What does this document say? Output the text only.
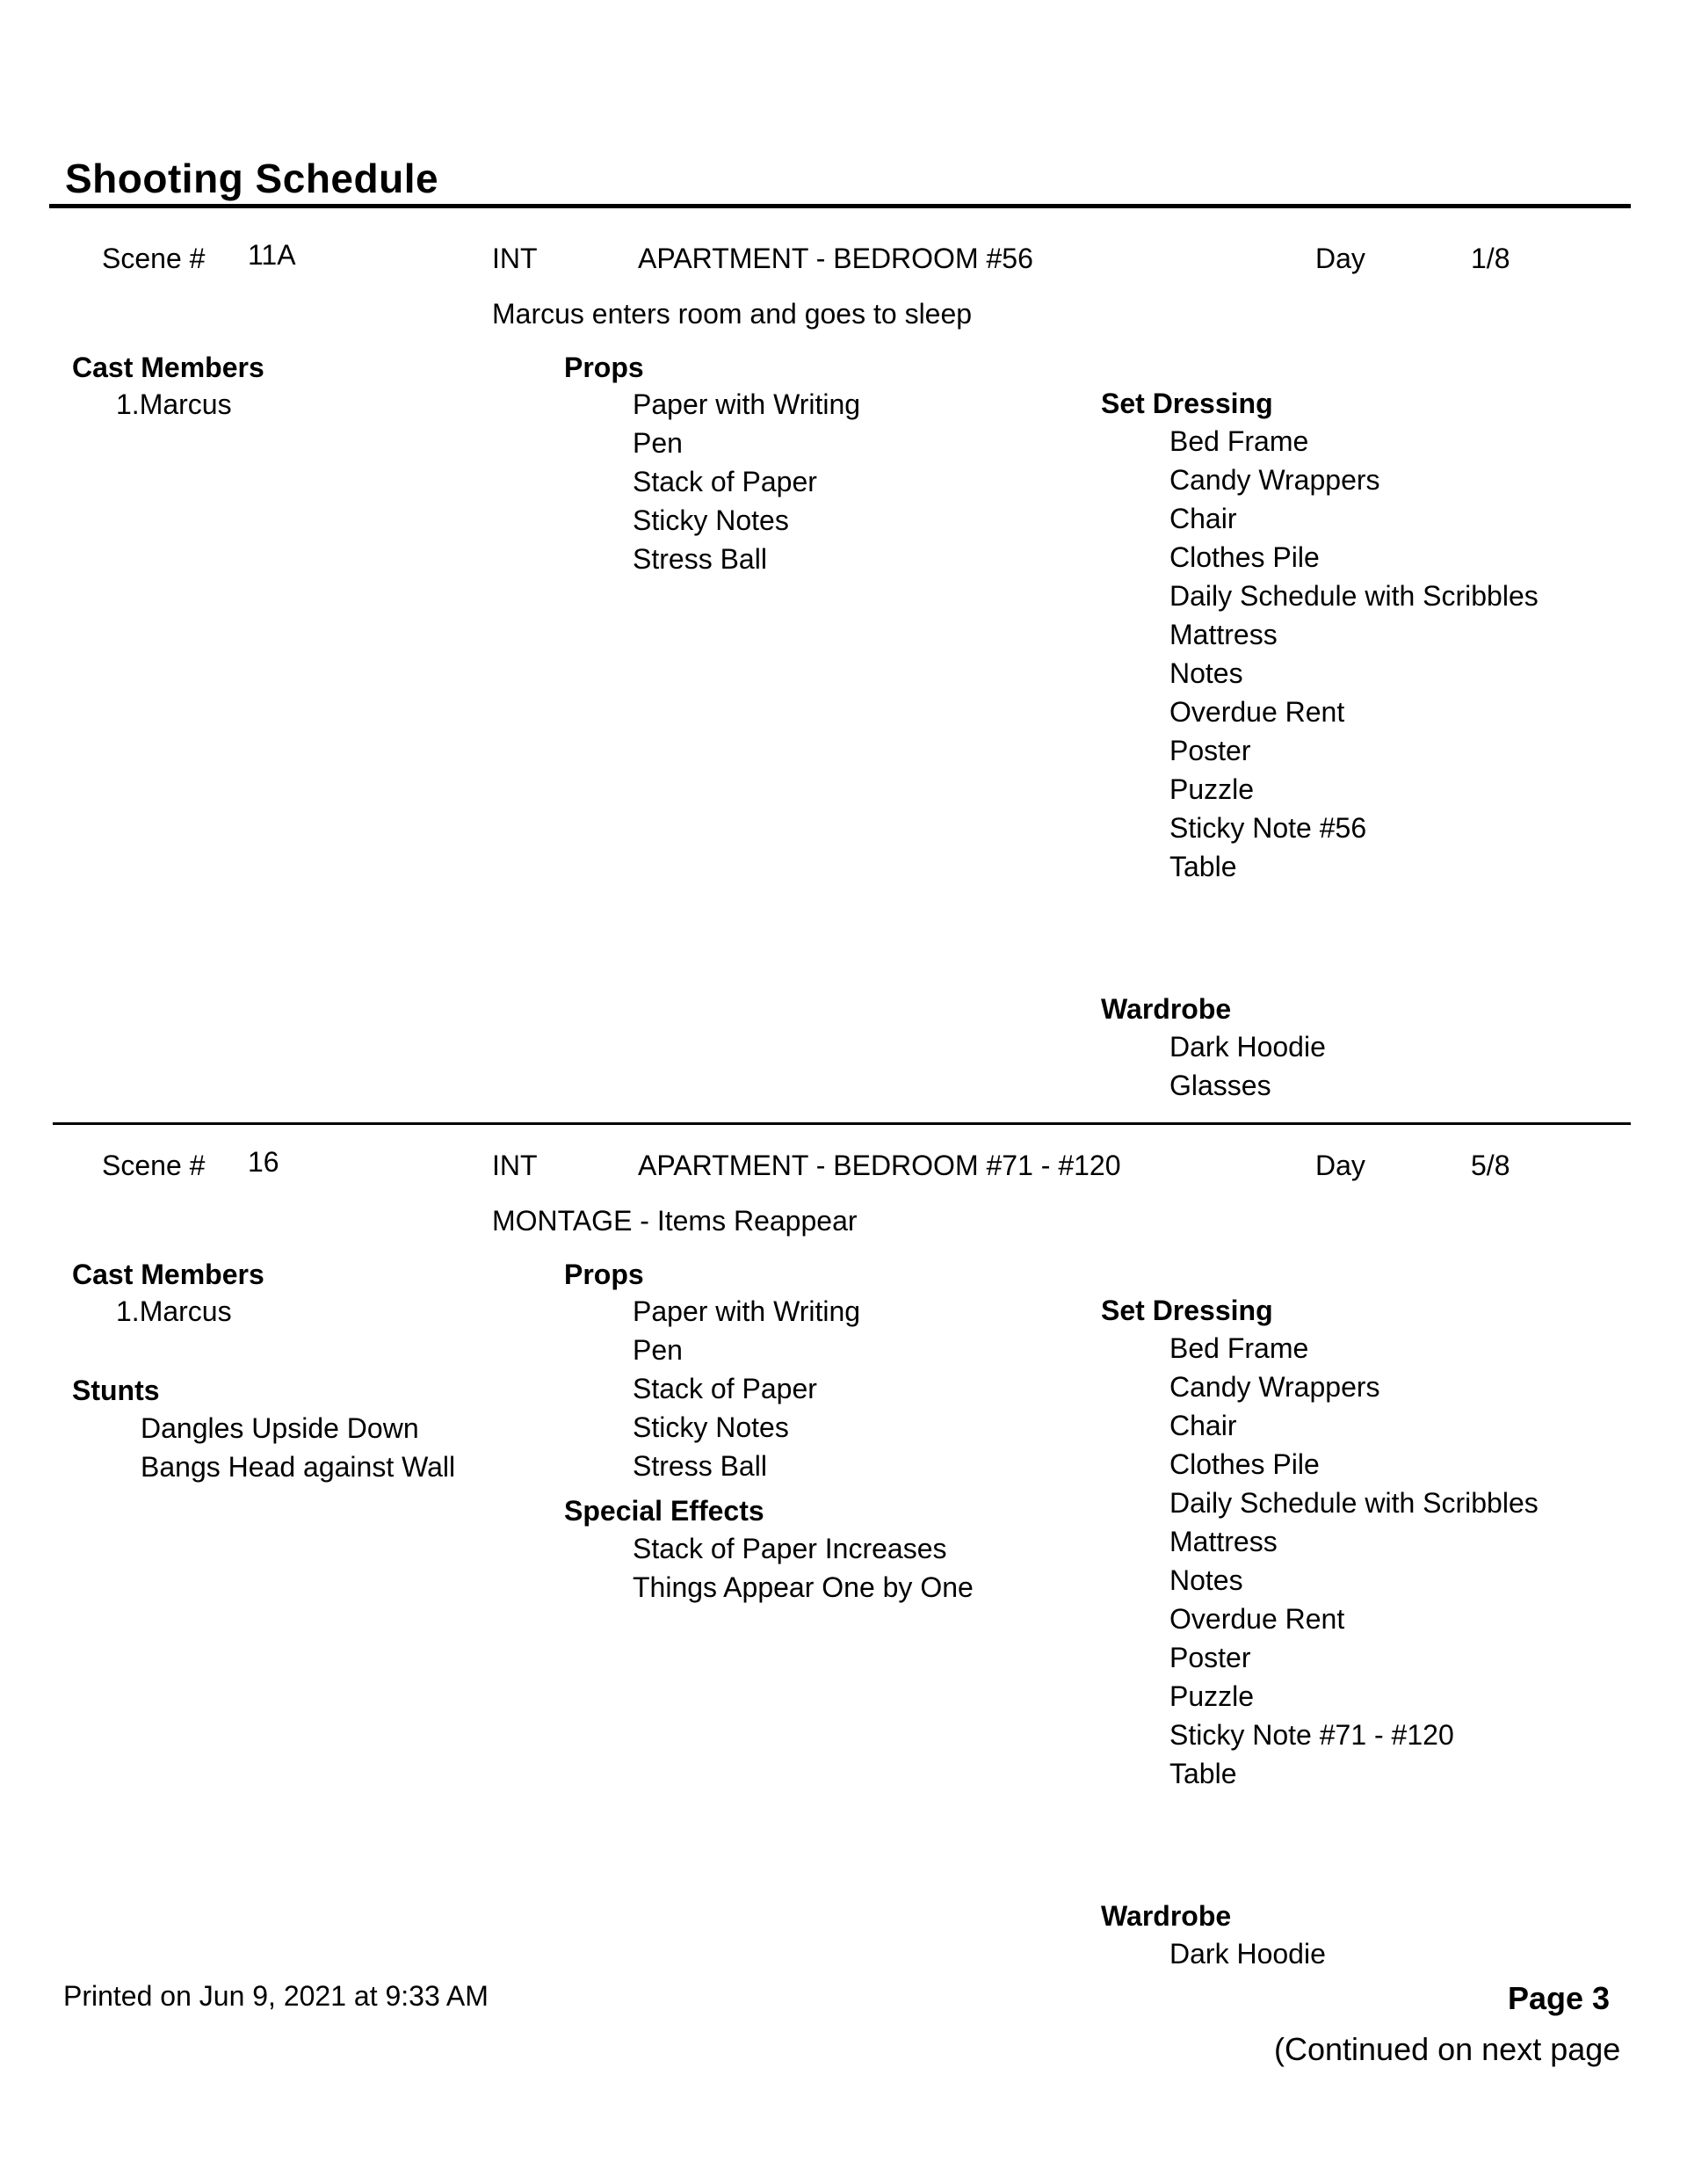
Shooting Schedule
Scene # 11A	INT	APARTMENT - BEDROOM #56	Day	1/8
Marcus enters room and goes to sleep
Cast Members
1.Marcus
Props
Paper with Writing
Pen
Stack of Paper
Sticky Notes
Stress Ball
Set Dressing
Bed Frame
Candy Wrappers
Chair
Clothes Pile
Daily Schedule with Scribbles
Mattress
Notes
Overdue Rent
Poster
Puzzle
Sticky Note #56
Table
Wardrobe
Dark Hoodie
Glasses
Scene # 16	INT	APARTMENT - BEDROOM #71 - #120	Day	5/8
MONTAGE - Items Reappear
Cast Members
1.Marcus
Stunts
Dangles Upside Down
Bangs Head against Wall
Props
Paper with Writing
Pen
Stack of Paper
Sticky Notes
Stress Ball
Special Effects
Stack of Paper Increases
Things Appear One by One
Set Dressing
Bed Frame
Candy Wrappers
Chair
Clothes Pile
Daily Schedule with Scribbles
Mattress
Notes
Overdue Rent
Poster
Puzzle
Sticky Note #71 - #120
Table
Wardrobe
Dark Hoodie
Printed on Jun 9, 2021 at 9:33 AM	Page 3
(Continued on next page
